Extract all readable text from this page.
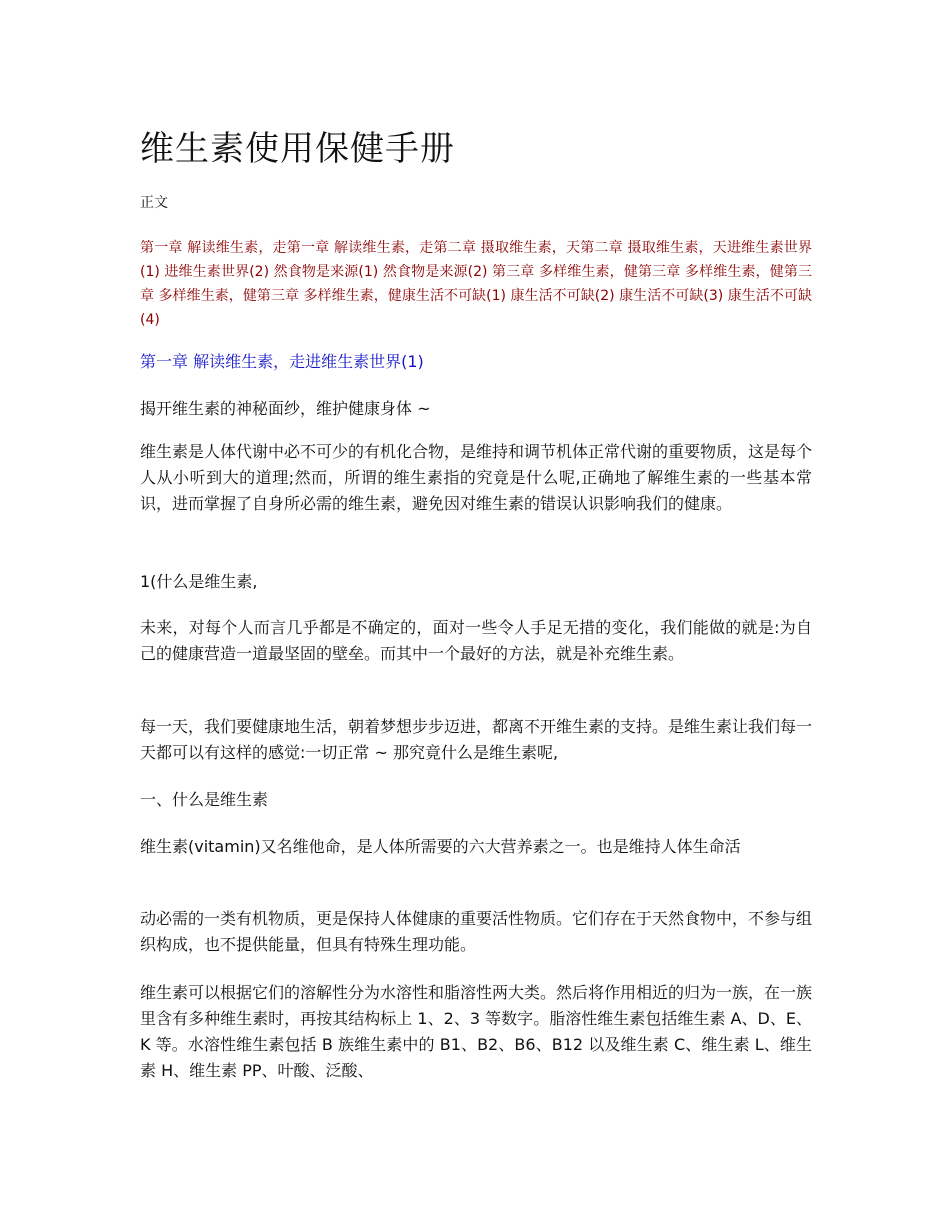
维生素使用保健手册

正文

第一章 解读维生素，走第一章 解读维生素，走第二章 摄取维生素，天第二章 摄取维生素，天进维生素世界(1) 进维生素世界(2) 然食物是来源(1) 然食物是来源(2) 第三章 多样维生素，健第三章 多样维生素，健第三章 多样维生素，健第三章 多样维生素，健康生活不可缺(1) 康生活不可缺(2) 康生活不可缺(3) 康生活不可缺(4)

第一章 解读维生素，走进维生素世界(1)

揭开维生素的神秘面纱，维护健康身体 ~

维生素是人体代谢中必不可少的有机化合物，是维持和调节机体正常代谢的重要物质，这是每个人从小听到大的道理;然而，所谓的维生素指的究竟是什么呢,正确地了解维生素的一些基本常识，进而掌握了自身所必需的维生素，避免因对维生素的错误认识影响我们的健康。

1(什么是维生素,

未来，对每个人而言几乎都是不确定的，面对一些令人手足无措的变化，我们能做的就是:为自己的健康营造一道最坚固的壁垒。而其中一个最好的方法，就是补充维生素。

每一天，我们要健康地生活，朝着梦想步步迈进，都离不开维生素的支持。是维生素让我们每一天都可以有这样的感觉:一切正常 ~ 那究竟什么是维生素呢,

一、什么是维生素

维生素(vitamin)又名维他命，是人体所需要的六大营养素之一。也是维持人体生命活

动必需的一类有机物质，更是保持人体健康的重要活性物质。它们存在于天然食物中，不参与组织构成，也不提供能量，但具有特殊生理功能。

维生素可以根据它们的溶解性分为水溶性和脂溶性两大类。然后将作用相近的归为一族，在一族里含有多种维生素时，再按其结构标上 1、2、3 等数字。脂溶性维生素包括维生素 A、D、E、K 等。水溶性维生素包括 B 族维生素中的 B1、B2、B6、B12 以及维生素 C、维生素 L、维生素 H、维生素 PP、叶酸、泛酸、
